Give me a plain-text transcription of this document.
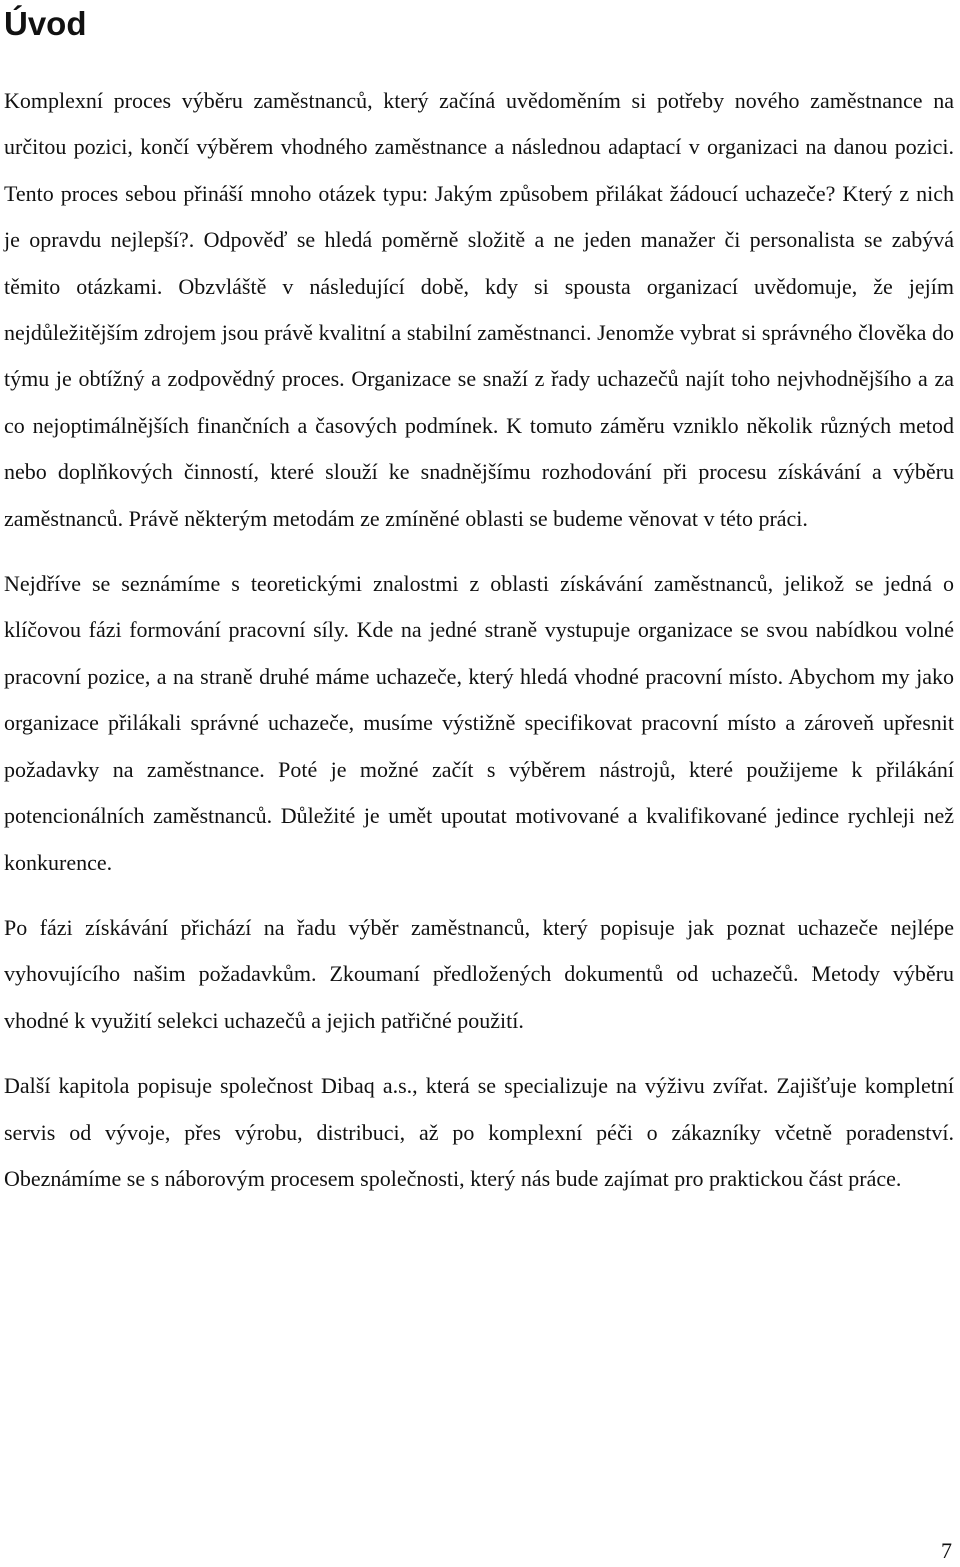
Úvod

Komplexní proces výběru zaměstnanců, který začíná uvědoměním si potřeby nového zaměstnance na určitou pozici, končí výběrem vhodného zaměstnance a následnou adaptací v organizaci na danou pozici. Tento proces sebou přináší mnoho otázek typu: Jakým způsobem přilákat žádoucí uchazeče? Který z nich je opravdu nejlepší?. Odpověď se hledá poměrně složitě a ne jeden manažer či personalista se zabývá těmito otázkami. Obzvláště v následující době, kdy si spousta organizací uvědomuje, že jejím nejdůležitějším zdrojem jsou právě kvalitní a stabilní zaměstnanci. Jenomže vybrat si správného člověka do týmu je obtížný a zodpovědný proces. Organizace se snaží z řady uchazečů najít toho nejvhodnějšího a za co nejoptimálnějších finančních a časových podmínek. K tomuto záměru vzniklo několik různých metod nebo doplňkových činností, které slouží ke snadnějšímu rozhodování při procesu získávání a výběru zaměstnanců. Právě některým metodám ze zmíněné oblasti se budeme věnovat v této práci.

Nejdříve se seznámíme s teoretickými znalostmi z oblasti získávání zaměstnanců, jelikož se jedná o klíčovou fázi formování pracovní síly. Kde na jedné straně vystupuje organizace se svou nabídkou volné pracovní pozice, a na straně druhé máme uchazeče, který hledá vhodné pracovní místo. Abychom my jako organizace přilákali správné uchazeče, musíme výstižně specifikovat pracovní místo a zároveň upřesnit požadavky na zaměstnance. Poté je možné začít s výběrem nástrojů, které použijeme k přilákání potencionálních zaměstnanců. Důležité je umět upoutat motivované a kvalifikované jedince rychleji než konkurence.

Po fázi získávání přichází na řadu výběr zaměstnanců, který popisuje jak poznat uchazeče nejlépe vyhovujícího našim požadavkům. Zkoumaní předložených dokumentů od uchazečů. Metody výběru vhodné k využití selekci uchazečů a jejich patřičné použití.

Další kapitola popisuje společnost Dibaq a.s., která se specializuje na výživu zvířat. Zajišťuje kompletní servis od vývoje, přes výrobu, distribuci, až po komplexní péči o zákazníky včetně poradenství. Obeznámíme se s náborovým procesem společnosti, který nás bude zajímat pro praktickou část práce.

7
